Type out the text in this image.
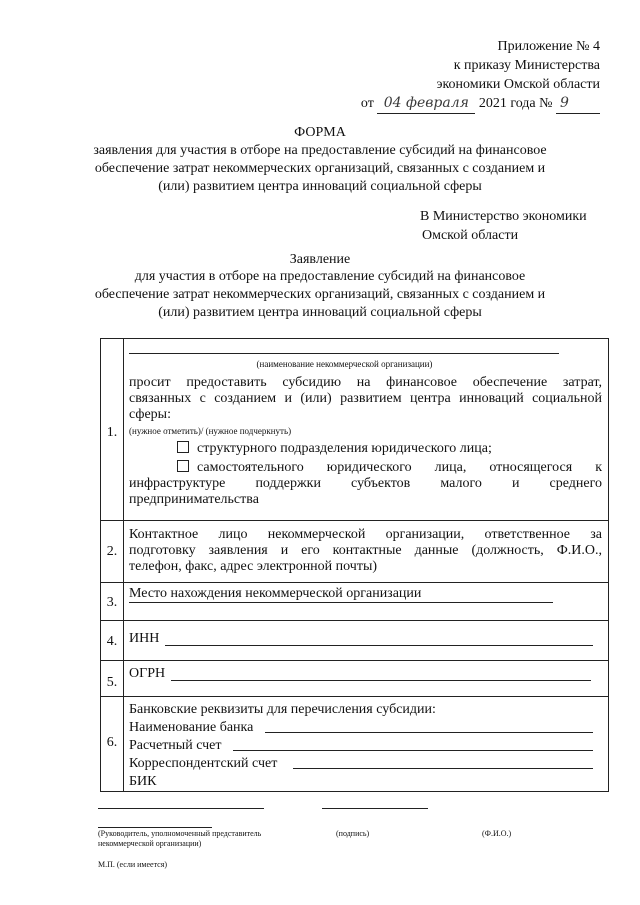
Приложение № 4
к приказу Министерства
экономики Омской области
от 04 февраля 2021 года № 9
ФОРМА
заявления для участия в отборе на предоставление субсидий на финансовое
обеспечение затрат некоммерческих организаций, связанных с созданием и
(или) развитием центра инноваций социальной сферы
В Министерство экономики
Омской области
Заявление
для участия в отборе на предоставление субсидий на финансовое
обеспечение затрат некоммерческих организаций, связанных с созданием и
(или) развитием центра инноваций социальной сферы
1.
(наименование некоммерческой организации)
просит предоставить субсидию на финансовое обеспечение затрат,
связанных с созданием и (или) развитием центра инноваций социальной
сферы:
(нужное отметить)/ (нужное подчеркнуть)
структурного подразделения юридического лица;
самостоятельного юридического лица, относящегося к
инфраструктуре поддержки субъектов малого и среднего
предпринимательства
2.
Контактное лицо некоммерческой организации, ответственное за
подготовку заявления и его контактные данные (должность, Ф.И.О.,
телефон, факс, адрес электронной почты)
3.
Место нахождения некоммерческой организации
4. ИНН
5.
ОГРН
6.
Банковские реквизиты для перечисления субсидии:
Наименование банка
Расчетный счет
Корреспондентский счет
БИК
(Руководитель, уполномоченный представитель
некоммерческой организации)
(подпись)	(Ф.И.О.)
М.П. (если имеется)
